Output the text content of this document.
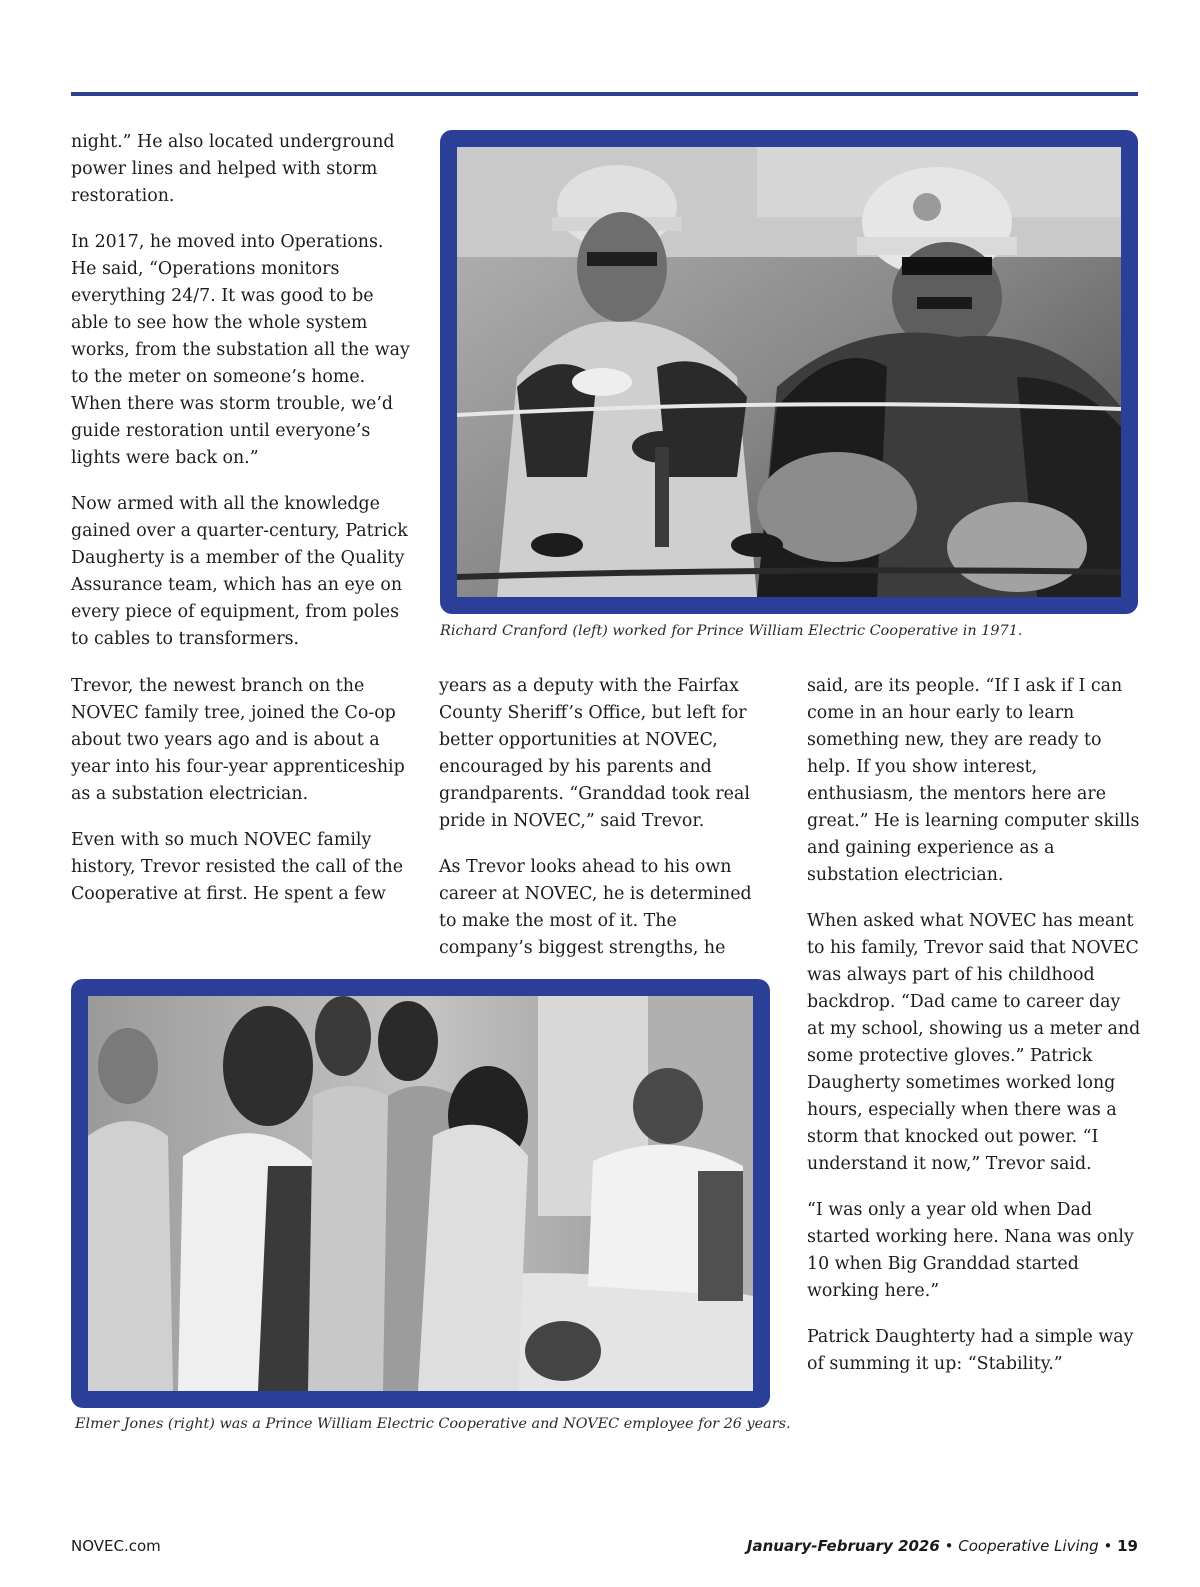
night.” He also located underground power lines and helped with storm restoration.

In 2017, he moved into Operations. He said, “Operations monitors everything 24/7. It was good to be able to see how the whole system works, from the substation all the way to the meter on someone’s home. When there was storm trouble, we’d guide restoration until everyone’s lights were back on.”

Now armed with all the knowledge gained over a quarter-century, Patrick Daugherty is a member of the Quality Assurance team, which has an eye on every piece of equipment, from poles to cables to transformers.

Trevor, the newest branch on the NOVEC family tree, joined the Co-op about two years ago and is about a year into his four-year apprenticeship as a substation electrician.

Even with so much NOVEC family history, Trevor resisted the call of the Cooperative at first. He spent a few

years as a deputy with the Fairfax County Sheriff’s Office, but left for better opportunities at NOVEC, encouraged by his parents and grandparents. “Granddad took real pride in NOVEC,” said Trevor.

As Trevor looks ahead to his own career at NOVEC, he is determined to make the most of it. The company’s biggest strengths, he

said, are its people. “If I ask if I can come in an hour early to learn something new, they are ready to help. If you show interest, enthusiasm, the mentors here are great.” He is learning computer skills and gaining experience as a substation electrician.

When asked what NOVEC has meant to his family, Trevor said that NOVEC was always part of his childhood backdrop. “Dad came to career day at my school, showing us a meter and some protective gloves.” Patrick Daugherty sometimes worked long hours, especially when there was a storm that knocked out power. “I understand it now,” Trevor said.

“I was only a year old when Dad started working here. Nana was only 10 when Big Granddad started working here.”

Patrick Daughterty had a simple way of summing it up: “Stability.”

Richard Cranford (left) worked for Prince William Electric Cooperative in 1971.
Elmer Jones (right) was a Prince William Electric Cooperative and NOVEC employee for 26 years.
NOVEC.com	January-February 2026 • Cooperative Living • 19
